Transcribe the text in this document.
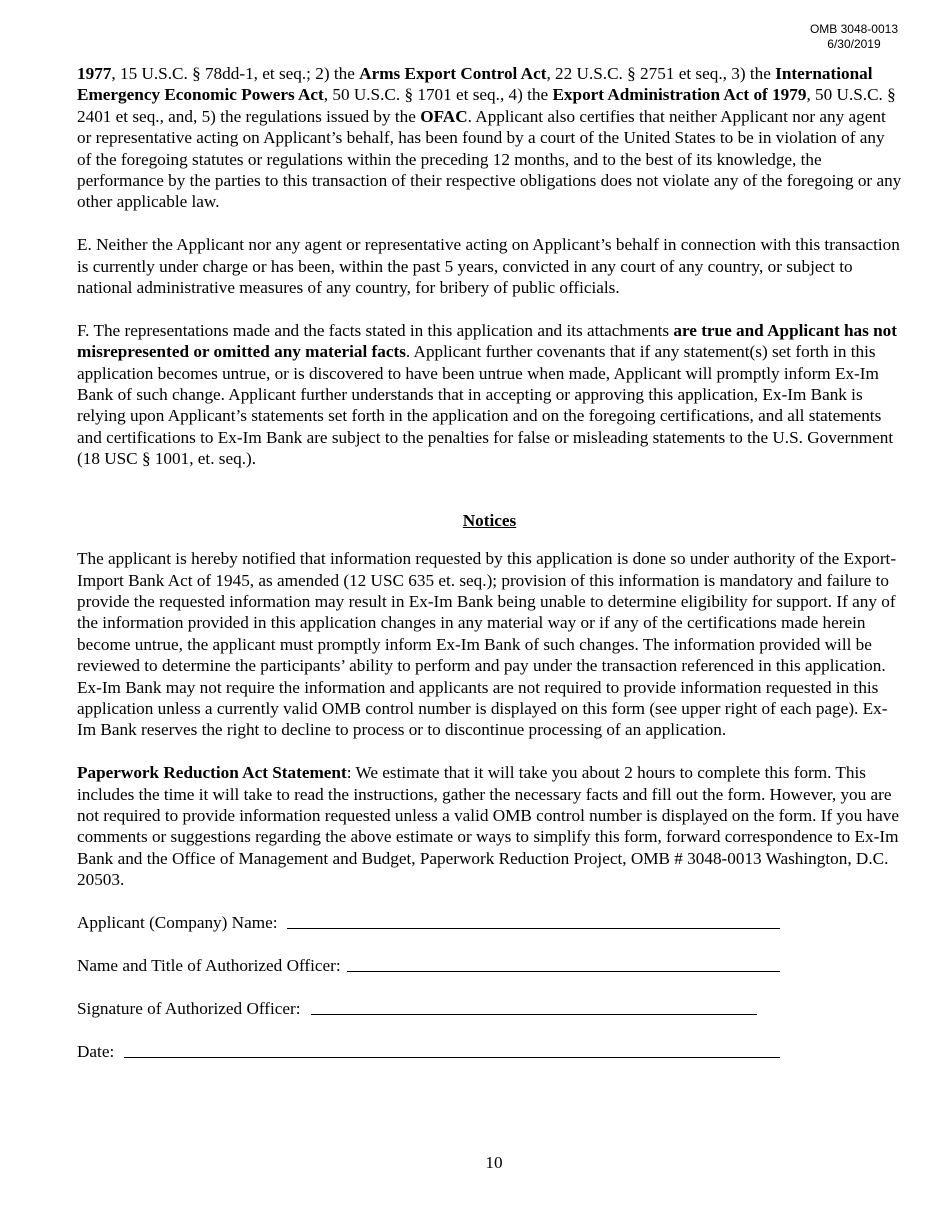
OMB 3048-0013
6/30/2019

1977, 15 U.S.C. § 78dd-1, et seq.; 2) the Arms Export Control Act, 22 U.S.C. § 2751 et seq., 3) the International Emergency Economic Powers Act, 50 U.S.C. § 1701 et seq., 4) the Export Administration Act of 1979, 50 U.S.C. § 2401 et seq., and, 5) the regulations issued by the OFAC. Applicant also certifies that neither Applicant nor any agent or representative acting on Applicant’s behalf, has been found by a court of the United States to be in violation of any of the foregoing statutes or regulations within the preceding 12 months, and to the best of its knowledge, the performance by the parties to this transaction of their respective obligations does not violate any of the foregoing or any other applicable law.

E. Neither the Applicant nor any agent or representative acting on Applicant’s behalf in connection with this transaction is currently under charge or has been, within the past 5 years, convicted in any court of any country, or subject to national administrative measures of any country, for bribery of public officials.

F. The representations made and the facts stated in this application and its attachments are true and Applicant has not misrepresented or omitted any material facts. Applicant further covenants that if any statement(s) set forth in this application becomes untrue, or is discovered to have been untrue when made, Applicant will promptly inform Ex-Im Bank of such change. Applicant further understands that in accepting or approving this application, Ex-Im Bank is relying upon Applicant’s statements set forth in the application and on the foregoing certifications, and all statements and certifications to Ex-Im Bank are subject to the penalties for false or misleading statements to the U.S. Government (18 USC § 1001, et. seq.).

Notices

The applicant is hereby notified that information requested by this application is done so under authority of the Export-Import Bank Act of 1945, as amended (12 USC 635 et. seq.); provision of this information is mandatory and failure to provide the requested information may result in Ex-Im Bank being unable to determine eligibility for support. If any of the information provided in this application changes in any material way or if any of the certifications made herein become untrue, the applicant must promptly inform Ex-Im Bank of such changes. The information provided will be reviewed to determine the participants’ ability to perform and pay under the transaction referenced in this application. Ex-Im Bank may not require the information and applicants are not required to provide information requested in this application unless a currently valid OMB control number is displayed on this form (see upper right of each page). Ex-Im Bank reserves the right to decline to process or to discontinue processing of an application.

Paperwork Reduction Act Statement: We estimate that it will take you about 2 hours to complete this form. This includes the time it will take to read the instructions, gather the necessary facts and fill out the form. However, you are not required to provide information requested unless a valid OMB control number is displayed on the form. If you have comments or suggestions regarding the above estimate or ways to simplify this form, forward correspondence to Ex-Im Bank and the Office of Management and Budget, Paperwork Reduction Project, OMB # 3048-0013 Washington, D.C. 20503.

Applicant (Company) Name:
Name and Title of Authorized Officer:
Signature of Authorized Officer:
Date:
10
